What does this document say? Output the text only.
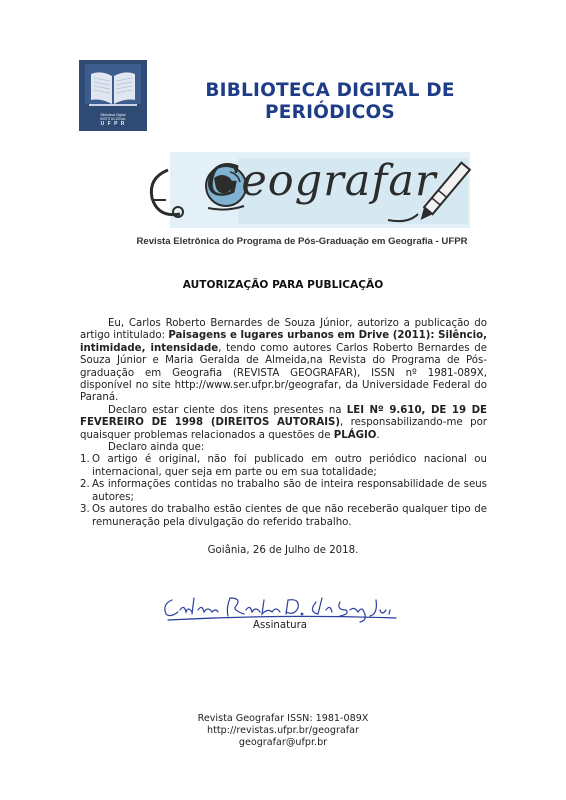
Biblioteca Digital
INSTITUCIONAL
U F P R
BIBLIOTECA DIGITAL DE
PERIÓDICOS
Geografar
Revista Eletrônica do Programa de Pós-Graduação em Geografia - UFPR
AUTORIZAÇÃO PARA PUBLICAÇÃO

Eu, Carlos Roberto Bernardes de Souza Júnior, autorizo a publicação do artigo intitulado: Paisagens e lugares urbanos em Drive (2011): Silêncio, intimidade, intensidade, tendo como autores Carlos Roberto Bernardes de Souza Júnior e Maria Geralda de Almeida,na Revista do Programa de Pós-graduação em Geografia (REVISTA GEOGRAFAR), ISSN nº 1981-089X, disponível no site http://www.ser.ufpr.br/geografar, da Universidade Federal do Paraná.

Declaro estar ciente dos itens presentes na LEI Nº 9.610, DE 19 DE FEVEREIRO DE 1998 (DIREITOS AUTORAIS), responsabilizando-me por quaisquer problemas relacionados a questões de PLÁGIO.

Declaro ainda que:

1. O artigo é original, não foi publicado em outro periódico nacional ou internacional, quer seja em parte ou em sua totalidade;
2. As informações contidas no trabalho são de inteira responsabilidade de seus autores;
3. Os autores do trabalho estão cientes de que não receberão qualquer tipo de remuneração pela divulgação do referido trabalho.
Goiânia, 26 de Julho de 2018.
Assinatura
Revista Geografar ISSN: 1981-089X
http://revistas.ufpr.br/geografar
geografar@ufpr.br
